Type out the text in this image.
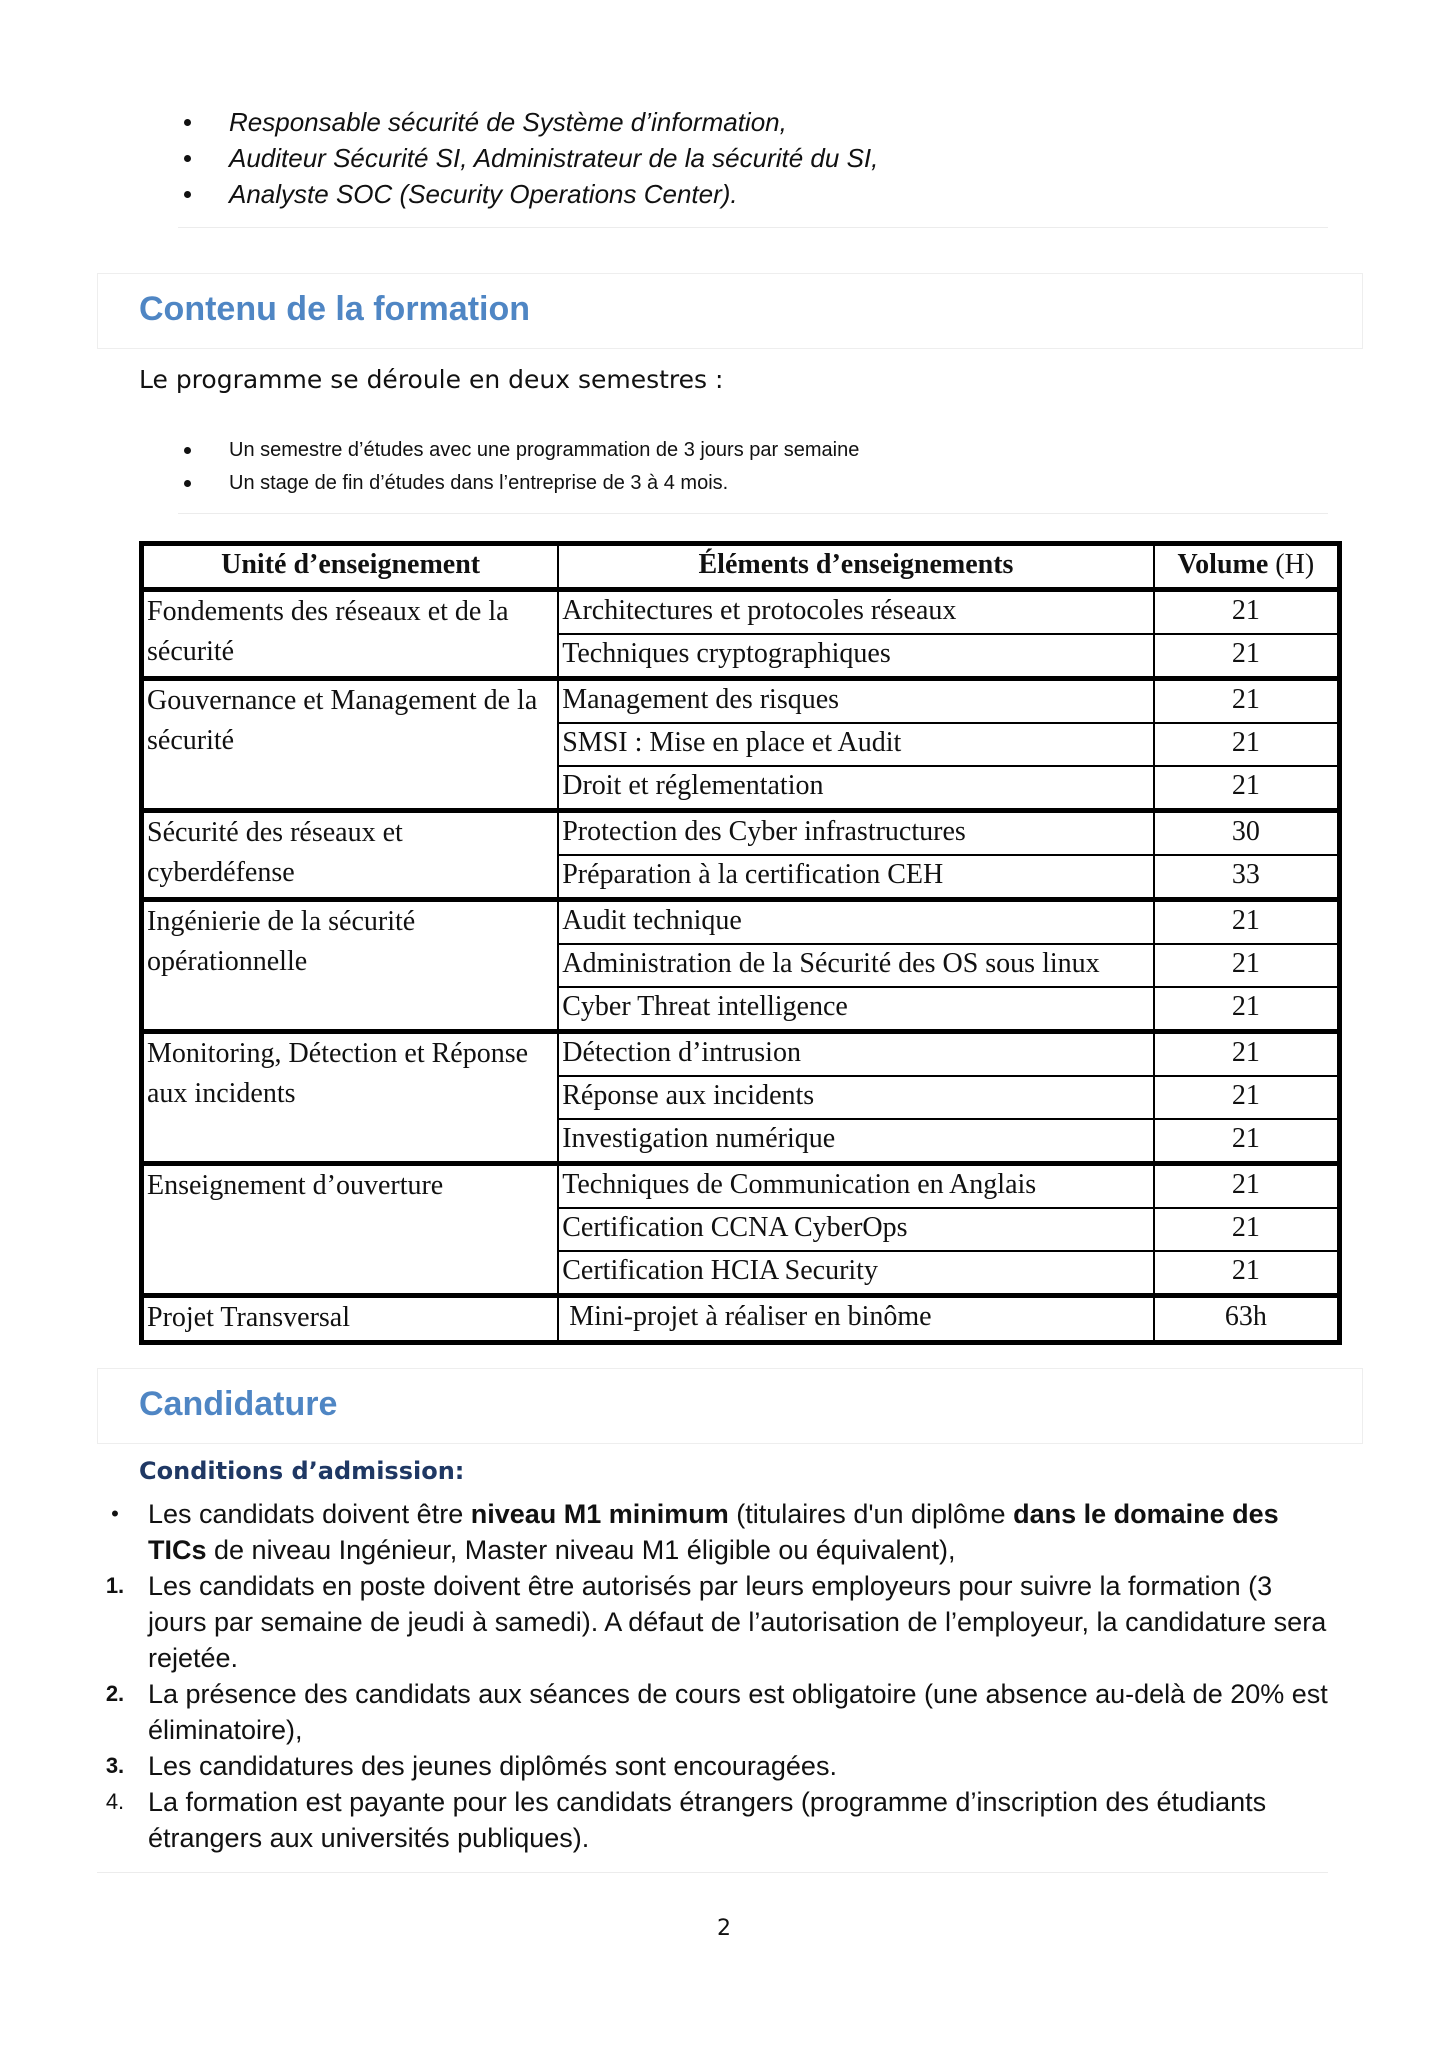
Responsable sécurité de Système d’information,
Auditeur Sécurité SI, Administrateur de la sécurité du SI,
Analyste SOC (Security Operations Center).
Contenu de la formation
Le programme se déroule en deux semestres :
Un semestre d’études avec une programmation de 3 jours par semaine
Un stage de fin d’études dans l’entreprise de 3 à 4 mois.
Unité d’enseignement	Éléments d’enseignements	Volume (H)
Fondements des réseaux et de la sécurité	Architectures et protocoles réseaux	21
	Techniques cryptographiques	21
Gouvernance et Management de la sécurité	Management des risques	21
	SMSI : Mise en place et Audit	21
	Droit et réglementation	21
Sécurité des réseaux et cyberdéfense	Protection des Cyber infrastructures	30
	Préparation à la certification CEH	33
Ingénierie de la sécurité opérationnelle	Audit technique	21
	Administration de la Sécurité des OS sous linux	21
	Cyber Threat intelligence	21
Monitoring, Détection et Réponse aux incidents	Détection d’intrusion	21
	Réponse aux incidents	21
	Investigation numérique	21
Enseignement d’ouverture	Techniques de Communication en Anglais	21
	Certification CCNA CyberOps	21
	Certification HCIA Security	21
Projet Transversal	Mini-projet à réaliser en binôme	63h
Candidature
Conditions d’admission:
• Les candidats doivent être niveau M1 minimum (titulaires d'un diplôme dans le domaine des TICs de niveau Ingénieur, Master niveau M1 éligible ou équivalent),
1. Les candidats en poste doivent être autorisés par leurs employeurs pour suivre la formation (3 jours par semaine de jeudi à samedi). A défaut de l’autorisation de l’employeur, la candidature sera rejetée.
2. La présence des candidats aux séances de cours est obligatoire (une absence au-delà de 20% est éliminatoire),
3. Les candidatures des jeunes diplômés sont encouragées.
4. La formation est payante pour les candidats étrangers (programme d’inscription des étudiants étrangers aux universités publiques).
2
